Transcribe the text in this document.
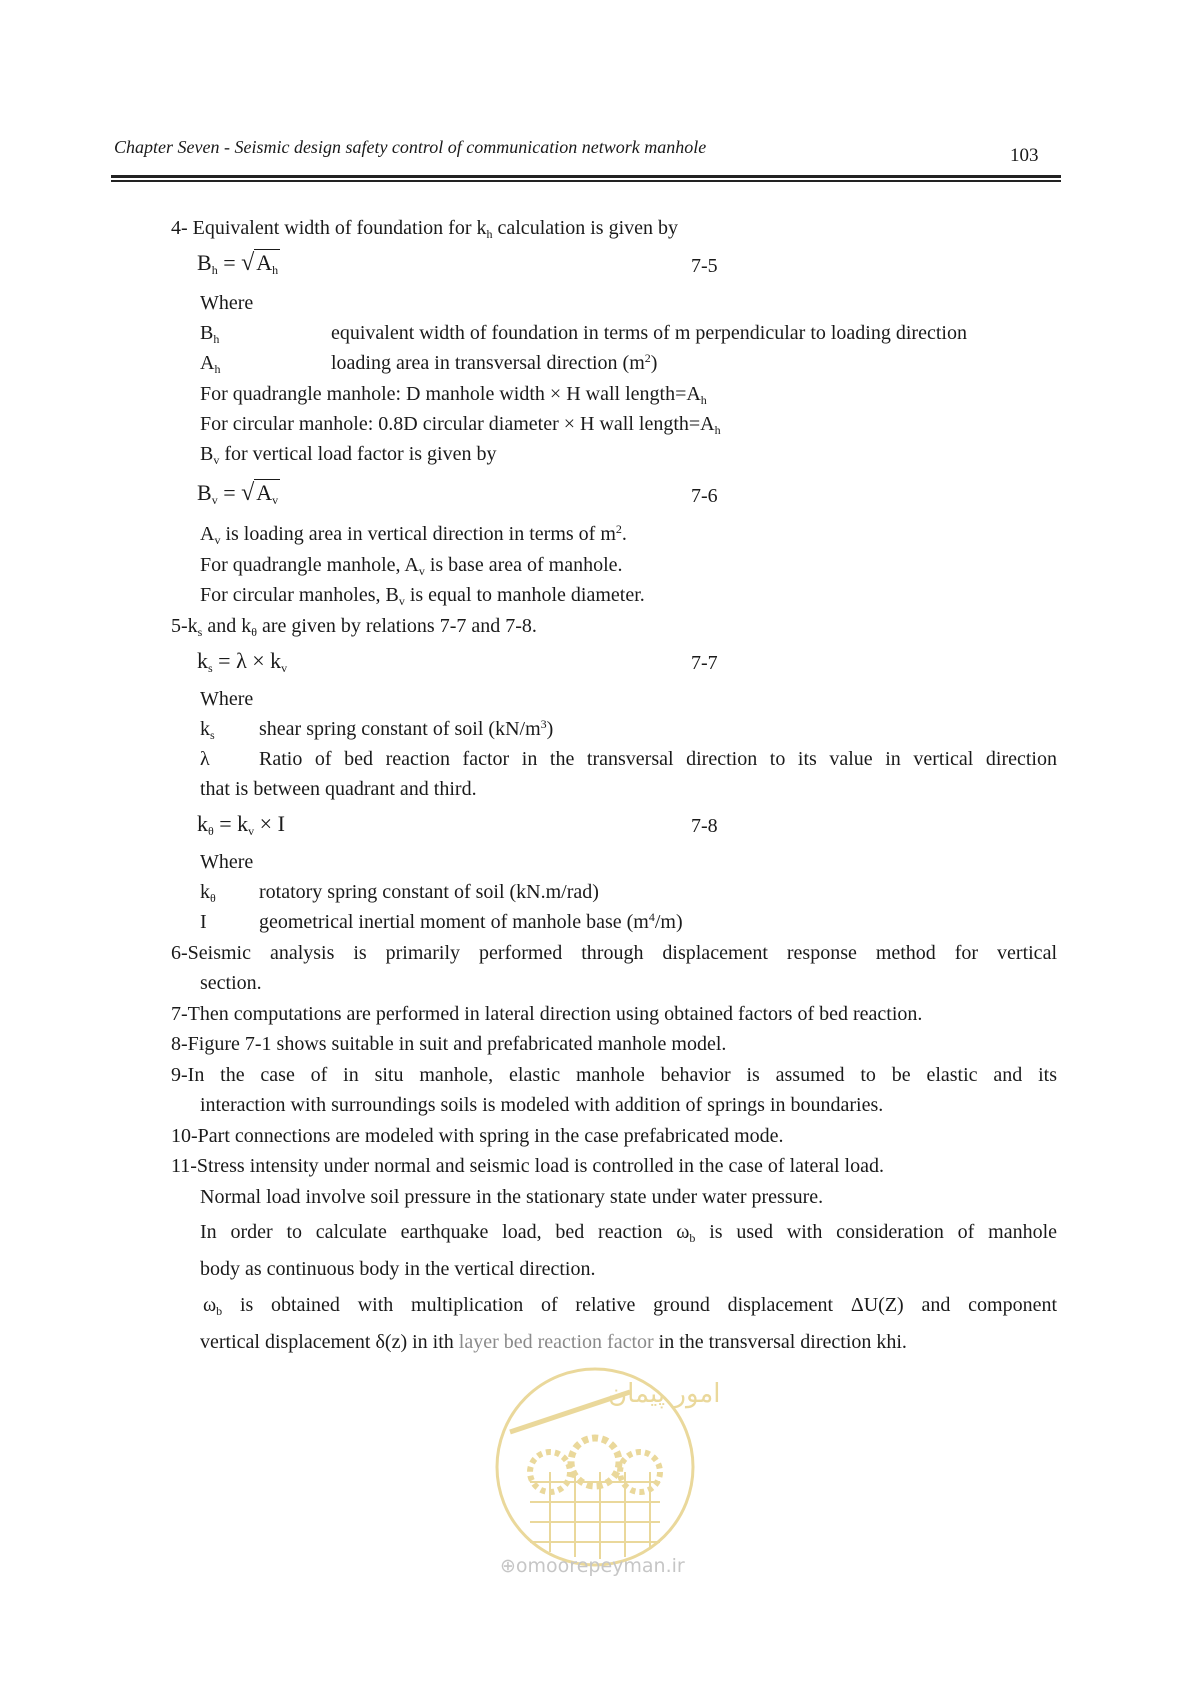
Chapter Seven - Seismic design safety control of communication network manhole	103
4- Equivalent width of foundation for $k_h$ calculation is given by
$B_h = √A_h$	7-5
Where
$B_h$	equivalent width of foundation in terms of m perpendicular to loading direction
$A_h$	loading area in transversal direction $(m^2)$
For quadrangle manhole: D manhole width × H wall $length=A_h$
For circular manhole: 0.8D circular diameter × H wall $length=A_h$
$B_v$ for vertical load factor is given by
$B_v = √A_v$	7-6
$A_v$ is loading area in vertical direction in terms of $m^2$.
For quadrangle manhole, $A_v$ is base area of manhole.
For circular manholes, $B_v$ is equal to manhole diameter.
$5-k_s$ and $k_\theta$ are given by relations 7-7 and 7-8.
$k_s = \lambda \times k_v$	7-7
Where
$k_s$ shear spring constant of soil $(kN/m^3)$
λ Ratio of bed reaction factor in the transversal direction to its value in vertical direction
that is between quadrant and third.
$k_\theta = k_v \times I$	7-8
Where
$k_\theta$ rotatory spring constant of soil (kN.m/rad)
I	geometrical inertial moment of manhole base $(m^4/m)$
6-Seismic analysis is primarily performed through displacement response method for vertical
section.
7-Then computations are performed in lateral direction using obtained factors of bed reaction.
8-Figure 7-1 shows suitable in suit and prefabricated manhole model.
9-In the case of in situ manhole, elastic manhole behavior is assumed to be elastic and its
interaction with surroundings soils is modeled with addition of springs in boundaries.
10-Part connections are modeled with spring in the case prefabricated mode.
11-Stress intensity under normal and seismic load is controlled in the case of lateral load.
Normal load involve soil pressure in the stationary state under water pressure.
In order to calculate earthquake load, bed reaction $\omega_b$ is used with consideration of manhole
body as continuous body in the vertical direction.
$\omega_b$ is obtained with multiplication of relative ground displacement ΔU(Z) and component
vertical displacement δ(z) in ith layer bed reaction factor in the transversal direction khi.
امور پیمان
⊕omoorepeyman.ir
